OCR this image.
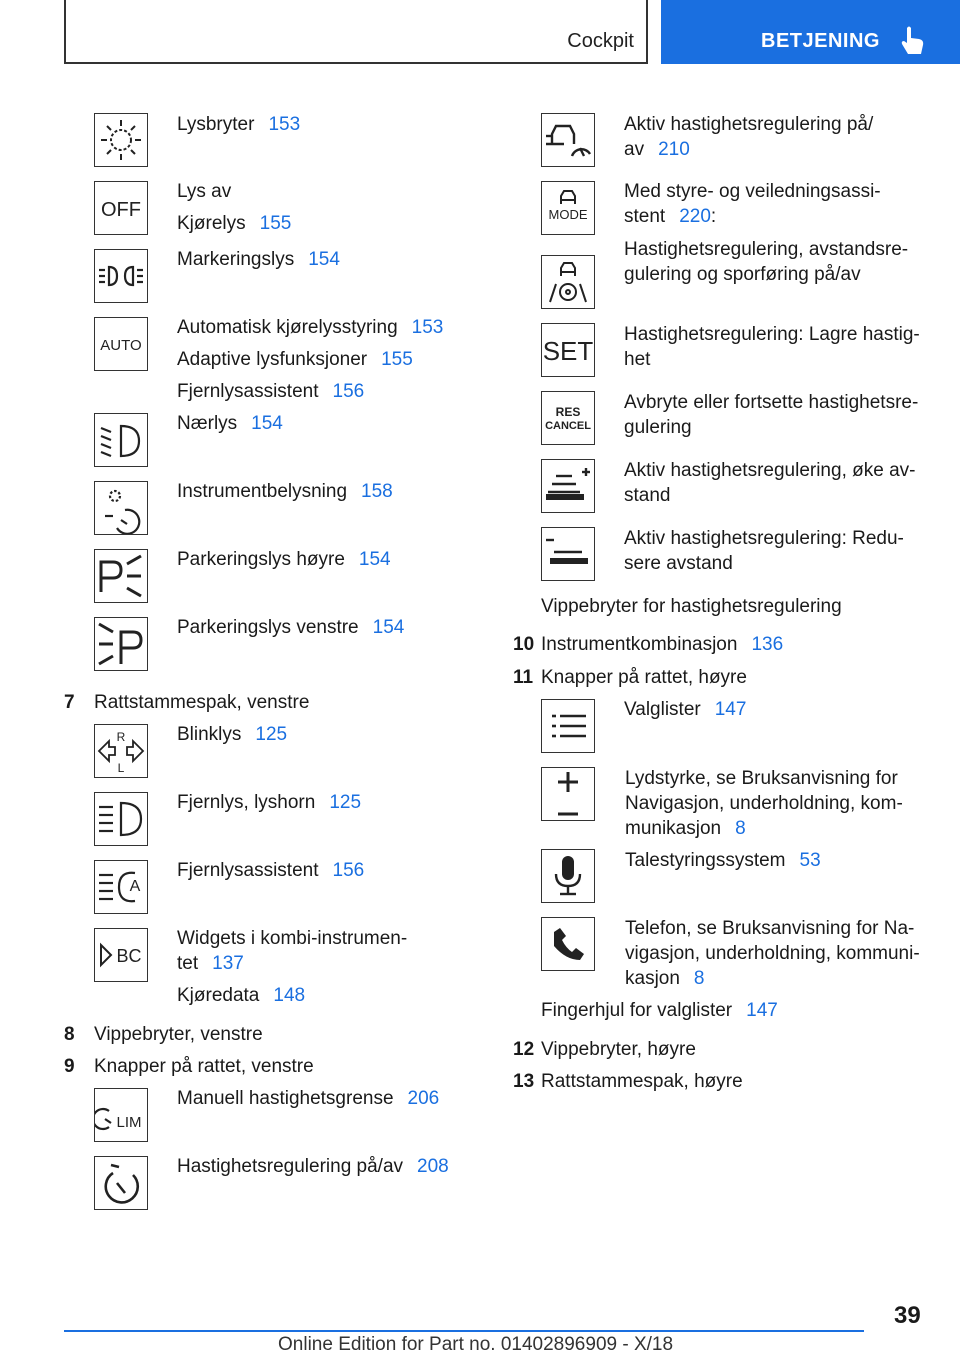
Cockpit	BETJENING
Lysbryter 153
OFF
Lys av
Kjørelys 155
Markeringslys 154
AUTO
Automatisk kjørelysstyring 153
Adaptive lysfunksjoner 155
Fjernlysassistent 156
Nærlys 154
Instrumentbelysning 158
Parkeringslys høyre 154
Parkeringslys venstre 154
7 Rattstammespak, venstre
R
L
Blinklys 125
Fjernlys, lyshorn 125
A
Fjernlysassistent 156
BC
Widgets i kombi-instrumen-
tet 137
Kjøredata 148
8 Vippebryter, venstre
9 Knapper på rattet, venstre
LIM
Manuell hastighetsgrense 206
Hastighetsregulering på/av 208
Aktiv hastighetsregulering på/
av 210
MODE
Med styre- og veiledningsassi-
stent 220:
Hastighetsregulering, avstandsre-
gulering og sporføring på/av
SET
Hastighetsregulering: Lagre hastig-
het
RES
CANCEL
Avbryte eller fortsette hastighetsre-
gulering
Aktiv hastighetsregulering, øke av-
stand
Aktiv hastighetsregulering: Redu-
sere avstand
Vippebryter for hastighetsregulering
10 Instrumentkombinasjon 136
11 Knapper på rattet, høyre
Valglister 147
Lydstyrke, se Bruksanvisning for
Navigasjon, underholdning, kom-
munikasjon 8
Talestyringssystem 53
Telefon, se Bruksanvisning for Na-
vigasjon, underholdning, kommuni-
kasjon 8
Fingerhjul for valglister 147
12 Vippebryter, høyre
13 Rattstammespak, høyre
39
Online Edition for Part no. 01402896909 - X/18
